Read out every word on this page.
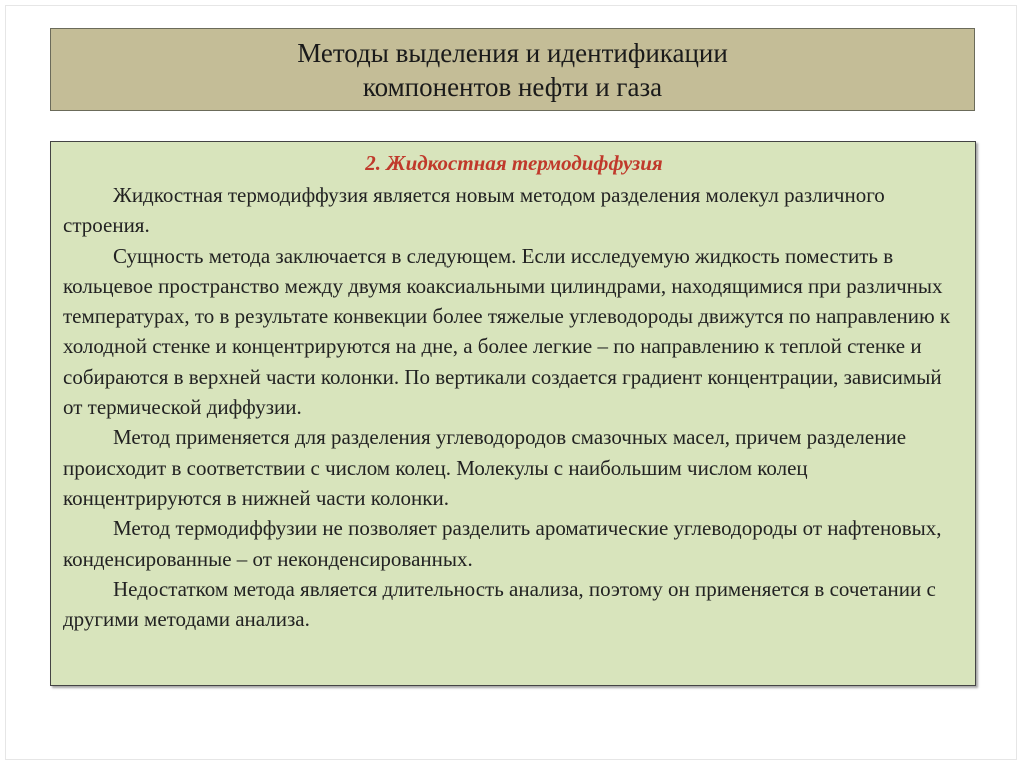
Методы выделения и идентификации
компонентов нефти и газа
2. Жидкостная термодиффузия

Жидкостная термодиффузия является новым методом разделения молекул различного строения.

Сущность метода заключается в следующем. Если исследуемую жидкость поместить в кольцевое пространство между двумя коаксиальными цилиндрами, находящимися при различных температурах, то в результате конвекции более тяжелые углеводороды движутся по направлению к холодной стенке и концентрируются на дне, а более легкие – по направлению к теплой стенке и собираются в верхней части колонки. По вертикали создается градиент концентрации, зависимый от термической диффузии.

Метод применяется для разделения углеводородов смазочных масел, причем разделение происходит в соответствии с числом колец. Молекулы с наибольшим числом колец концентрируются в нижней части колонки.

Метод термодиффузии не позволяет разделить ароматические углеводороды от нафтеновых, конденсированные – от неконденсированных.

Недостатком метода является длительность анализа, поэтому он применяется в сочетании с другими методами анализа.
